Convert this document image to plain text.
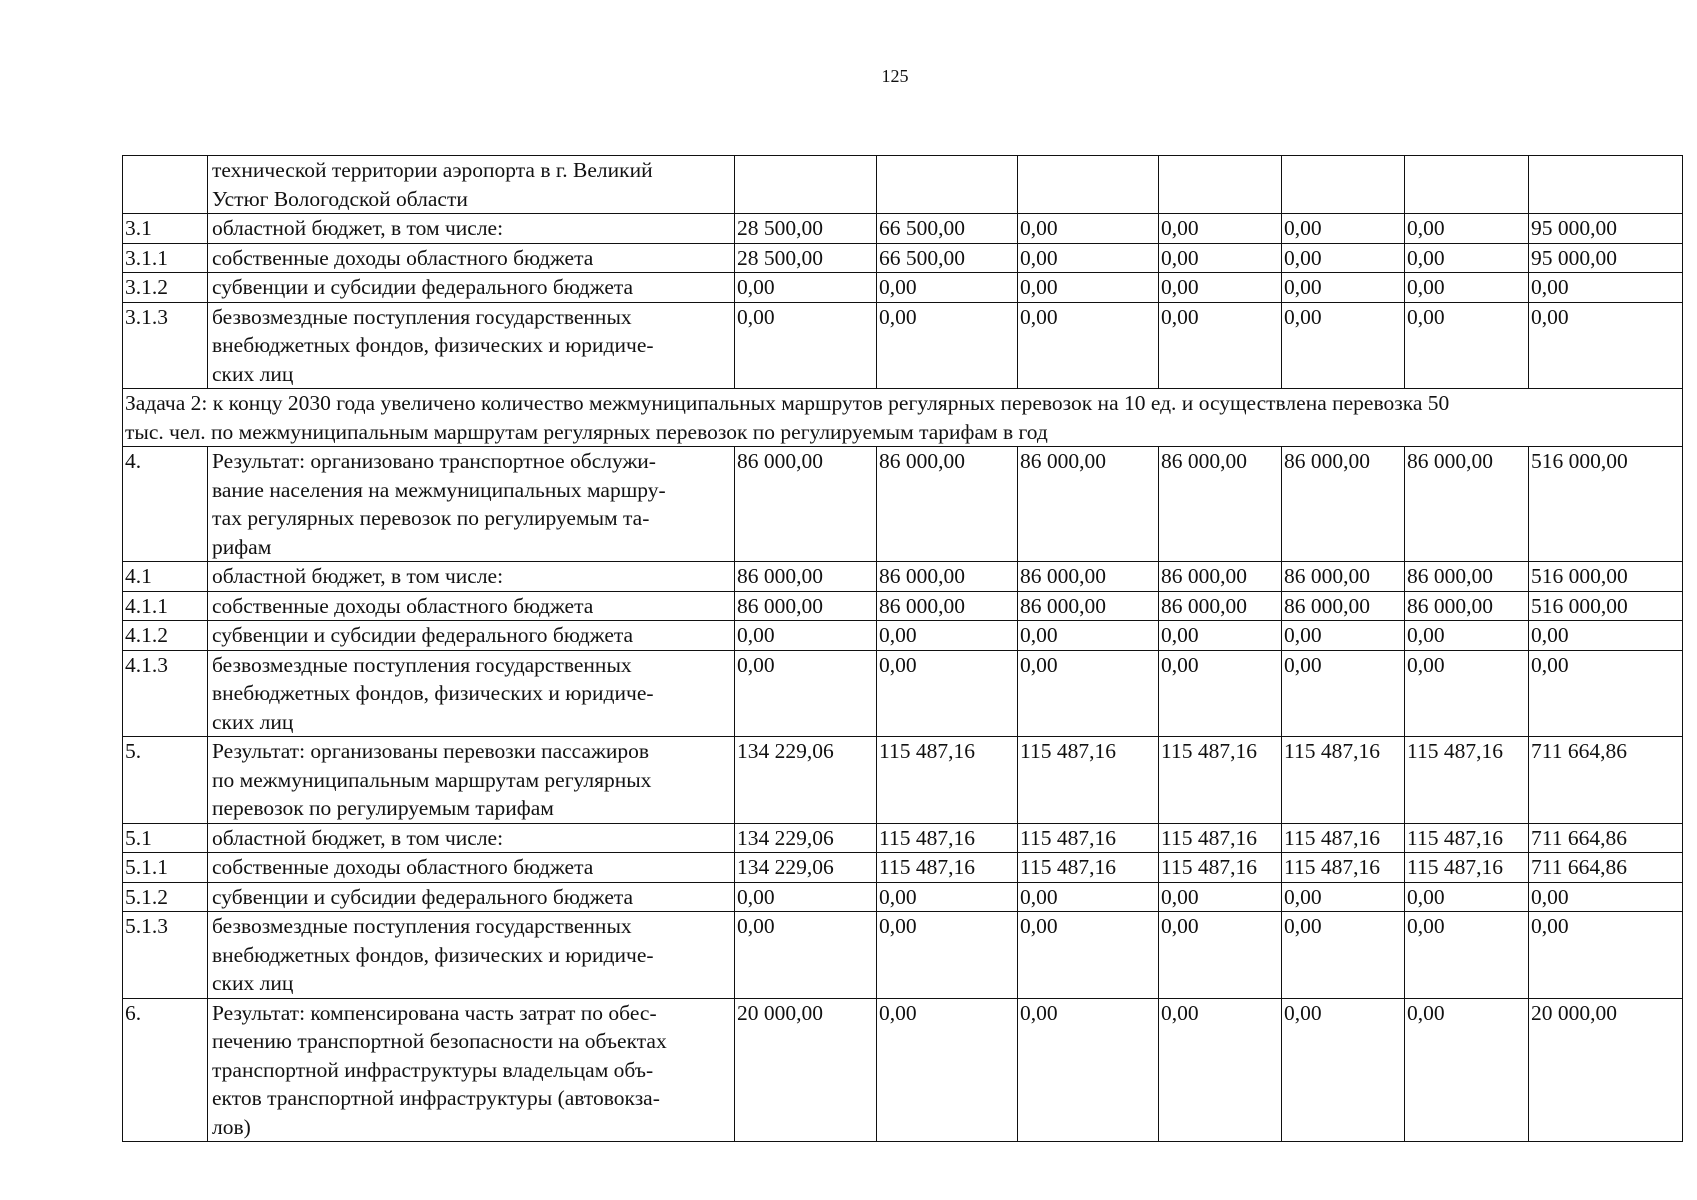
125

	технической территории аэропорта в г. Великий
Устюг Вологодской области							

3.1	областной бюджет, в том числе:	28 500,00	66 500,00	0,00	0,00	0,00	0,00	95 000,00
3.1.1	собственные доходы областного бюджета	28 500,00	66 500,00	0,00	0,00	0,00	0,00	95 000,00
3.1.2	субвенции и субсидии федерального бюджета	0,00	0,00	0,00	0,00	0,00	0,00	0,00
3.1.3	безвозмездные поступления государственных
внебюджетных фондов, физических и юридиче-
ских лиц	0,00	0,00	0,00	0,00	0,00	0,00	0,00

Задача 2: к концу 2030 года увеличено количество межмуниципальных маршрутов регулярных перевозок на 10 ед. и осуществлена перевозка 50
тыс. чел. по межмуниципальным маршрутам регулярных перевозок по регулируемым тарифам в год								

4.	Результат: организовано транспортное обслужи-
вание населения на межмуниципальных маршру-
тах регулярных перевозок по регулируемым та-
рифам	86 000,00	86 000,00	86 000,00	86 000,00	86 000,00	86 000,00	516 000,00
4.1	областной бюджет, в том числе:	86 000,00	86 000,00	86 000,00	86 000,00	86 000,00	86 000,00	516 000,00
4.1.1	собственные доходы областного бюджета	86 000,00	86 000,00	86 000,00	86 000,00	86 000,00	86 000,00	516 000,00
4.1.2	субвенции и субсидии федерального бюджета	0,00	0,00	0,00	0,00	0,00	0,00	0,00
4.1.3	безвозмездные поступления государственных
внебюджетных фондов, физических и юридиче-
ских лиц	0,00	0,00	0,00	0,00	0,00	0,00	0,00
5.	Результат: организованы перевозки пассажиров
по межмуниципальным маршрутам регулярных
перевозок по регулируемым тарифам	134 229,06	115 487,16	115 487,16	115 487,16	115 487,16	115 487,16	711 664,86
5.1	областной бюджет, в том числе:	134 229,06	115 487,16	115 487,16	115 487,16	115 487,16	115 487,16	711 664,86
5.1.1	собственные доходы областного бюджета	134 229,06	115 487,16	115 487,16	115 487,16	115 487,16	115 487,16	711 664,86
5.1.2	субвенции и субсидии федерального бюджета	0,00	0,00	0,00	0,00	0,00	0,00	0,00
5.1.3	безвозмездные поступления государственных
внебюджетных фондов, физических и юридиче-
ских лиц	0,00	0,00	0,00	0,00	0,00	0,00	0,00
6.	Результат: компенсирована часть затрат по обес-
печению транспортной безопасности на объектах
транспортной инфраструктуры владельцам объ-
ектов транспортной инфраструктуры (автовокза-
лов)	20 000,00	0,00	0,00	0,00	0,00	0,00	20 000,00
